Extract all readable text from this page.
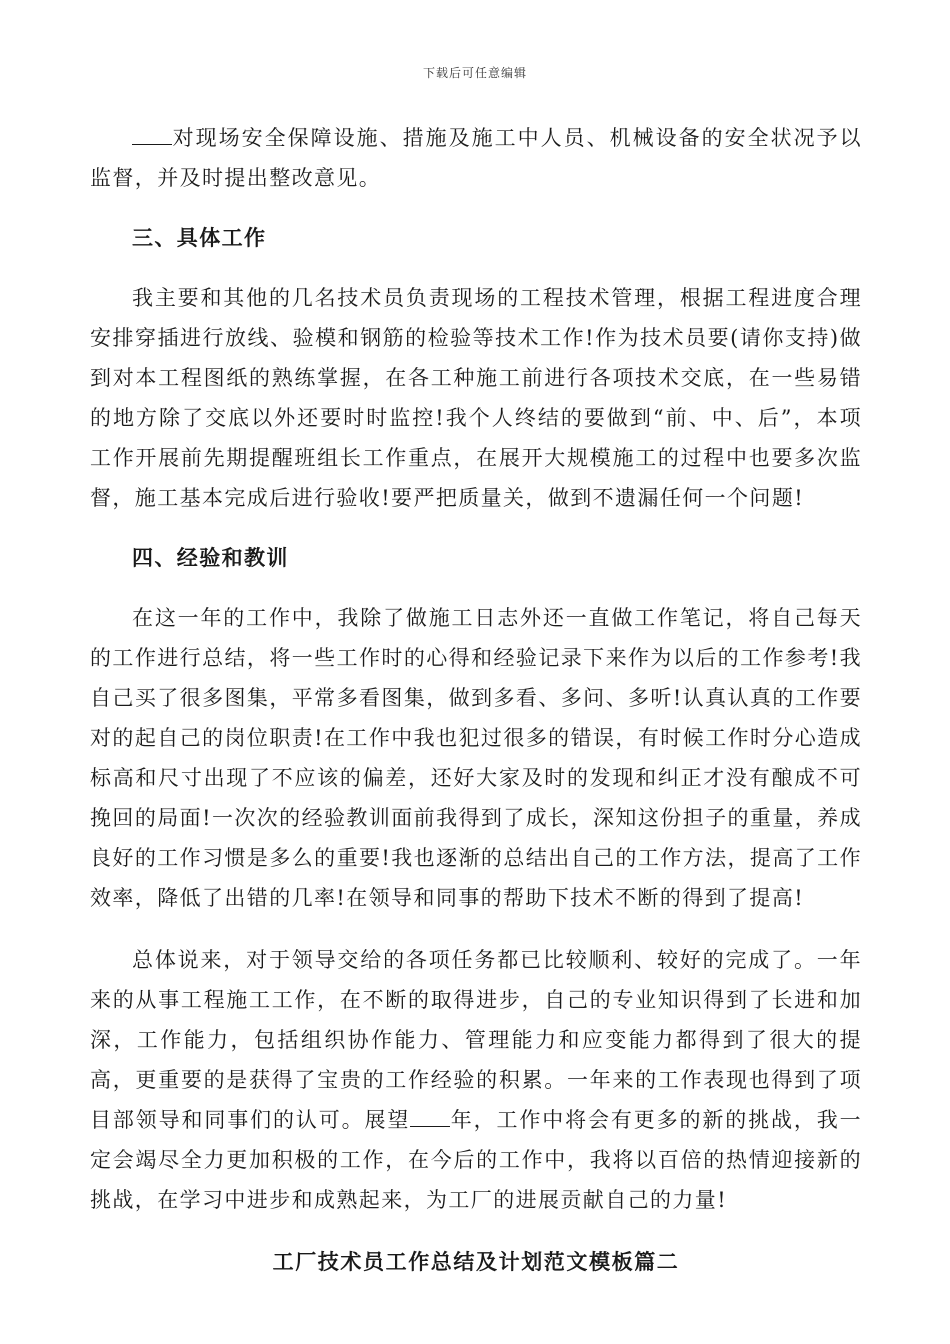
下载后可任意编辑

对现场安全保障设施、措施及施工中人员、机械设备的安全状况予以监督，并及时提出整改意见。

三、具体工作

我主要和其他的几名技术员负责现场的工程技术管理，根据工程进度合理安排穿插进行放线、验模和钢筋的检验等技术工作!作为技术员要(请你支持)做到对本工程图纸的熟练掌握，在各工种施工前进行各项技术交底，在一些易错的地方除了交底以外还要时时监控!我个人终结的要做到“前、中、后”，本项工作开展前先期提醒班组长工作重点，在展开大规模施工的过程中也要多次监督，施工基本完成后进行验收!要严把质量关，做到不遗漏任何一个问题!

四、经验和教训

在这一年的工作中，我除了做施工日志外还一直做工作笔记，将自己每天的工作进行总结，将一些工作时的心得和经验记录下来作为以后的工作参考!我自己买了很多图集，平常多看图集，做到多看、多问、多听!认真认真的工作要对的起自己的岗位职责!在工作中我也犯过很多的错误，有时候工作时分心造成标高和尺寸出现了不应该的偏差，还好大家及时的发现和纠正才没有酿成不可挽回的局面!一次次的经验教训面前我得到了成长，深知这份担子的重量，养成良好的工作习惯是多么的重要!我也逐渐的总结出自己的工作方法，提高了工作效率，降低了出错的几率!在领导和同事的帮助下技术不断的得到了提高!

总体说来，对于领导交给的各项任务都已比较顺利、较好的完成了。一年来的从事工程施工工作，在不断的取得进步，自己的专业知识得到了长进和加深，工作能力，包括组织协作能力、管理能力和应变能力都得到了很大的提高，更重要的是获得了宝贵的工作经验的积累。一年来的工作表现也得到了项目部领导和同事们的认可。展望 年，工作中将会有更多的新的挑战，我一定会竭尽全力更加积极的工作，在今后的工作中，我将以百倍的热情迎接新的挑战，在学习中进步和成熟起来，为工厂的进展贡献自己的力量!

工厂技术员工作总结及计划范文模板篇二
